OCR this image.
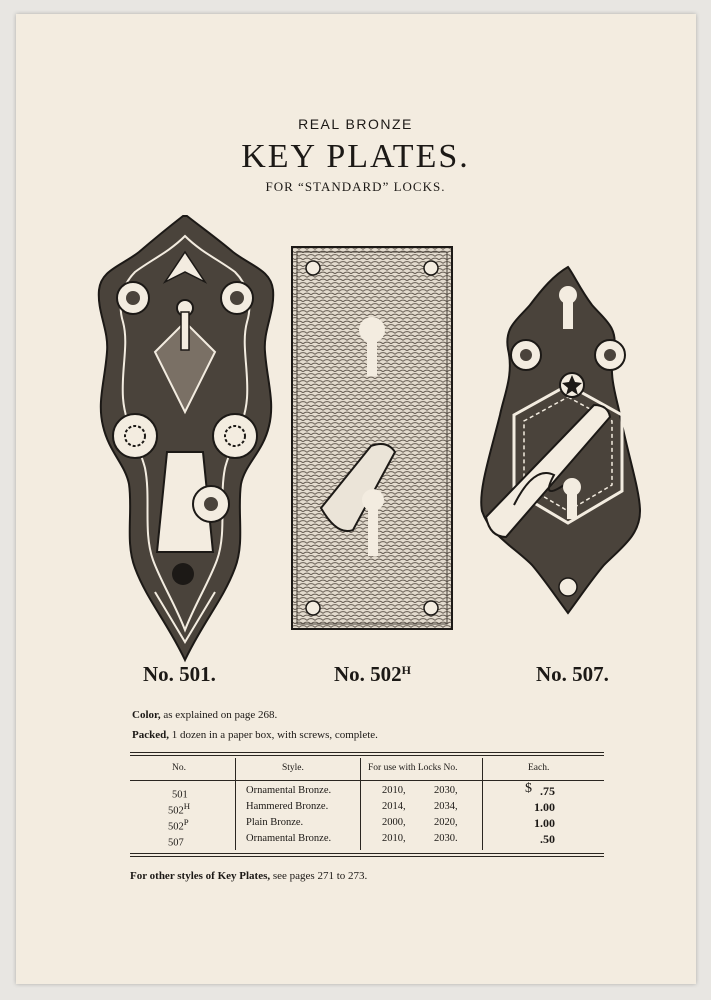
REAL BRONZE
KEY PLATES.
FOR “STANDARD” LOCKS.
No. 501.	No. $502^H$	No. 507.
Color, as explained on page 268.
Packed, 1 dozen in a paper box, with screws, complete.
No.	Style.	For use with Locks No.	Each.
501	Ornamental Bronze.	2010,	2030,	$ .75
$502^H$	Hammered Bronze.	2014,	2034,	1.00
$502^P$	Plain Bronze.	2000,	2020,	1.00
507	Ornamental Bronze.	2010,	2030.	.50
For other styles of Key Plates, see pages 271 to 273.
